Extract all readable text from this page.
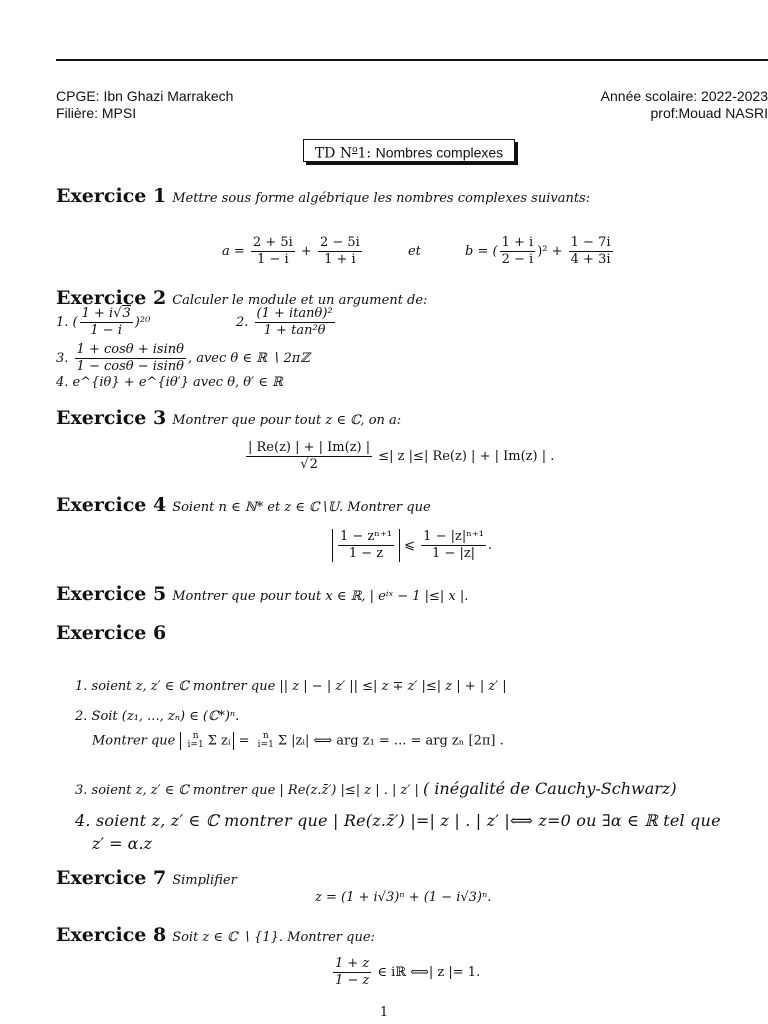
CPGE: Ibn Ghazi Marrakech
Filière: MPSI
Année scolaire: 2022-2023
prof:Mouad NASRI
TD $N^o1$: Nombres complexes
Exercice 1 Mettre sous forme algébrique les nombres complexes suivants:
$a = \frac{2 + 5i}{1 - i} + \frac{2 - 5i}{1 + i}$	et	b = ( $\frac{1 + i}{2 - i} )^2 + \frac{1 - 7i}{4 + 3i}$
Exercice 2 Calculer le module et un argument de:
1. ( $\frac{1 + i√3}{1 - i} )^{20}$	2. $\frac{\text{(1 + itanθ)²}}{\text{1 + tan²θ}}$
3. $\frac{1 + \cos\theta + isin\theta}{1 - \cos\theta - isin\theta}$ , avec θ ∈ ℝ ∖ 2πℤ
4. e^{iθ} + e^{iθ′} avec θ, θ′ ∈ ℝ
Exercice 3 Montrer que pour tout z ∈ ℂ, on a:
$\frac{| Re(z) | + | Im(z) |}{√2}$ ≤| z |≤| Re(z) | + | Im(z) | .
Exercice 4 Soient n ∈ ℕ* et z ∈ ℂ∖𝕌. Montrer que
$\frac{\text{1 − zⁿ⁺¹}}{1 - z}$ ⩽ $\frac{\text{1 − |z|ⁿ⁺¹}}{1 - |z|}$ .
Exercice 5 Montrer que pour tout x ∈ ℝ, | eⁱˣ − 1 |≤| x |.
Exercice 6
1. soient z, z′ ∈ ℂ montrer que || z | − | z′ || ≤| z ∓ z′ |≤| z | + | z′ |
2. Soit (z₁, ..., zₙ) ∈ (ℂ*)ⁿ.
Montrer que	n
i=1 Σ zᵢ =	n
i=1 Σ |zᵢ| ⟺ arg z₁ = ... = arg zₙ [2π] .
3. soient z, z′ ∈ ℂ montrer que | Re(z.z̄′) |≤| z | . | z′ | ( inégalité de Cauchy-Schwarz)
4. soient z, z′ ∈ ℂ montrer que | Re(z.z̄′) |=| z | . | z′ |⟺ z=0 ou ∃α ∈ ℝ tel que
z′ = α.z
Exercice 7 Simplifier
z = (1 + i√3)ⁿ + (1 − i√3)ⁿ.
Exercice 8 Soit z ∈ ℂ ∖ {1}. Montrer que:
$\frac{1 + z}{1 - z}$ ∈ iℝ ⟺| z |= 1.
1
